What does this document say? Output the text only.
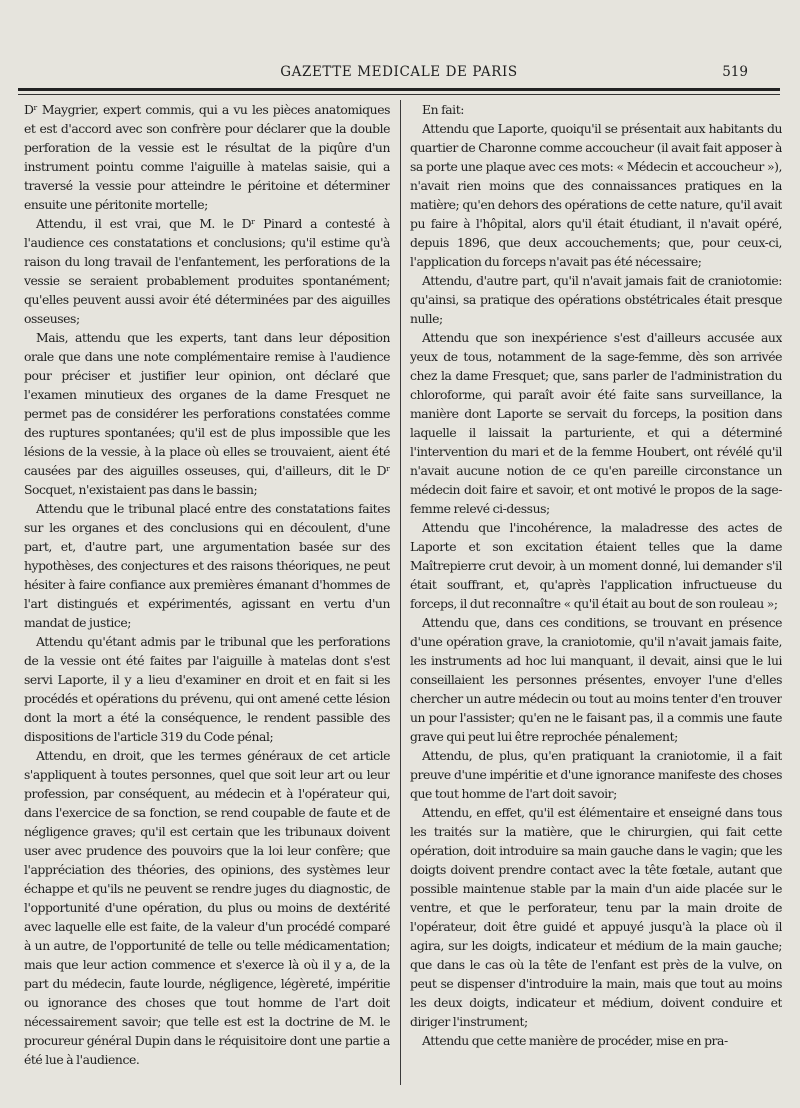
GAZETTE MEDICALE DE PARIS	519

Dʳ Maygrier, expert commis, qui a vu les pièces anatomiques et est d'accord avec son confrère pour déclarer que la double perforation de la vessie est le résultat de la piqûre d'un instrument pointu comme l'aiguille à matelas saisie, qui a traversé la vessie pour atteindre le péritoine et déterminer ensuite une péritonite mortelle;

Attendu, il est vrai, que M. le Dʳ Pinard a contesté à l'audience ces constatations et conclusions; qu'il estime qu'à raison du long travail de l'enfantement, les perforations de la vessie se seraient probablement produites spontanément; qu'elles peuvent aussi avoir été déterminées par des aiguilles osseuses;

Mais, attendu que les experts, tant dans leur déposition orale que dans une note complémentaire remise à l'audience pour préciser et justifier leur opinion, ont déclaré que l'examen minutieux des organes de la dame Fresquet ne permet pas de considérer les perforations constatées comme des ruptures spontanées; qu'il est de plus impossible que les lésions de la vessie, à la place où elles se trouvaient, aient été causées par des aiguilles osseuses, qui, d'ailleurs, dit le Dʳ Socquet, n'existaient pas dans le bassin;

Attendu que le tribunal placé entre des constatations faites sur les organes et des conclusions qui en découlent, d'une part, et, d'autre part, une argumentation basée sur des hypothèses, des conjectures et des raisons théoriques, ne peut hésiter à faire confiance aux premières émanant d'hommes de l'art distingués et expérimentés, agissant en vertu d'un mandat de justice;

Attendu qu'étant admis par le tribunal que les perforations de la vessie ont été faites par l'aiguille à matelas dont s'est servi Laporte, il y a lieu d'examiner en droit et en fait si les procédés et opérations du prévenu, qui ont amené cette lésion dont la mort a été la conséquence, le rendent passible des dispositions de l'article 319 du Code pénal;

Attendu, en droit, que les termes généraux de cet article s'appliquent à toutes personnes, quel que soit leur art ou leur profession, par conséquent, au médecin et à l'opérateur qui, dans l'exercice de sa fonction, se rend coupable de faute et de négligence graves; qu'il est certain que les tribunaux doivent user avec prudence des pouvoirs que la loi leur confère; que l'appréciation des théories, des opinions, des systèmes leur échappe et qu'ils ne peuvent se rendre juges du diagnostic, de l'opportunité d'une opération, du plus ou moins de dextérité avec laquelle elle est faite, de la valeur d'un procédé comparé à un autre, de l'opportunité de telle ou telle médicamentation; mais que leur action commence et s'exerce là où il y a, de la part du médecin, faute lourde, négligence, légèreté, impéritie ou ignorance des choses que tout homme de l'art doit nécessairement savoir; que telle est est la doctrine de M. le procureur général Dupin dans le réquisitoire dont une partie a été lue à l'audience.

En fait:

Attendu que Laporte, quoiqu'il se présentait aux habitants du quartier de Charonne comme accoucheur (il avait fait apposer à sa porte une plaque avec ces mots: « Médecin et accoucheur »), n'avait rien moins que des connaissances pratiques en la matière; qu'en dehors des opérations de cette nature, qu'il avait pu faire à l'hôpital, alors qu'il était étudiant, il n'avait opéré, depuis 1896, que deux accouchements; que, pour ceux-ci, l'application du forceps n'avait pas été nécessaire;

Attendu, d'autre part, qu'il n'avait jamais fait de craniotomie: qu'ainsi, sa pratique des opérations obstétricales était presque nulle;

Attendu que son inexpérience s'est d'ailleurs accusée aux yeux de tous, notamment de la sage-femme, dès son arrivée chez la dame Fresquet; que, sans parler de l'administration du chloroforme, qui paraît avoir été faite sans surveillance, la manière dont Laporte se servait du forceps, la position dans laquelle il laissait la parturiente, et qui a déterminé l'intervention du mari et de la femme Houbert, ont révélé qu'il n'avait aucune notion de ce qu'en pareille circonstance un médecin doit faire et savoir, et ont motivé le propos de la sage-femme relevé ci-dessus;

Attendu que l'incohérence, la maladresse des actes de Laporte et son excitation étaient telles que la dame Maîtrepierre crut devoir, à un moment donné, lui demander s'il était souffrant, et, qu'après l'application infructueuse du forceps, il dut reconnaître « qu'il était au bout de son rouleau »;

Attendu que, dans ces conditions, se trouvant en présence d'une opération grave, la craniotomie, qu'il n'avait jamais faite, les instruments ad hoc lui manquant, il devait, ainsi que le lui conseillaient les personnes présentes, envoyer l'une d'elles chercher un autre médecin ou tout au moins tenter d'en trouver un pour l'assister; qu'en ne le faisant pas, il a commis une faute grave qui peut lui être reprochée pénalement;

Attendu, de plus, qu'en pratiquant la craniotomie, il a fait preuve d'une impéritie et d'une ignorance manifeste des choses que tout homme de l'art doit savoir;

Attendu, en effet, qu'il est élémentaire et enseigné dans tous les traités sur la matière, que le chirurgien, qui fait cette opération, doit introduire sa main gauche dans le vagin; que les doigts doivent prendre contact avec la tête fœtale, autant que possible maintenue stable par la main d'un aide placée sur le ventre, et que le perforateur, tenu par la main droite de l'opérateur, doit être guidé et appuyé jusqu'à la place où il agira, sur les doigts, indicateur et médium de la main gauche; que dans le cas où la tête de l'enfant est près de la vulve, on peut se dispenser d'introduire la main, mais que tout au moins les deux doigts, indicateur et médium, doivent conduire et diriger l'instrument;

Attendu que cette manière de procéder, mise en pra-
